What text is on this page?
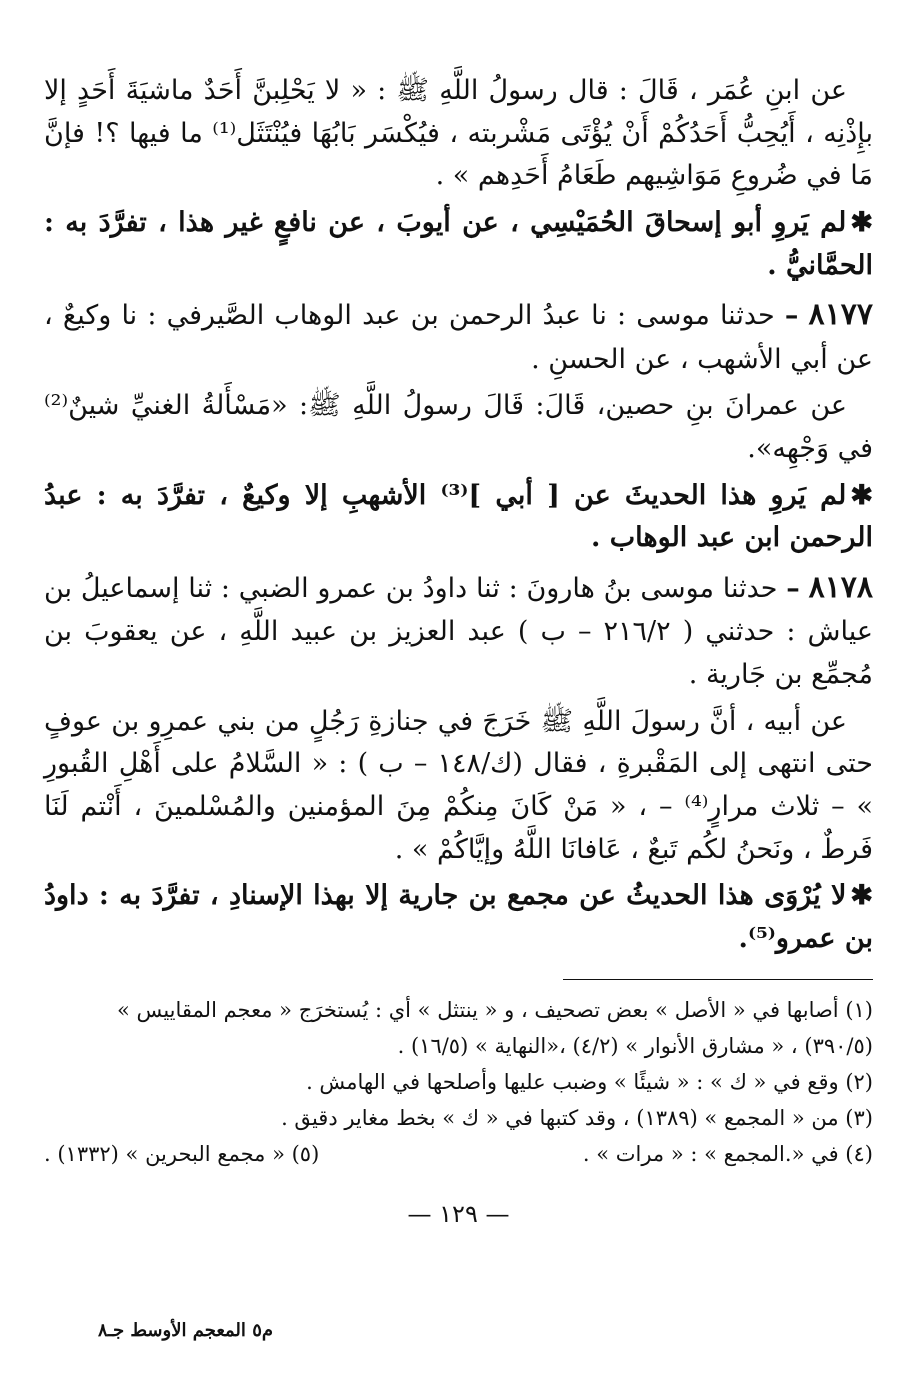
عن ابنِ عُمَر ، قَالَ : قال رسولُ اللَّهِ ﷺ : « لا يَحْلِبنَّ أَحَدٌ ماشيَةَ أَحَدٍ إلا بإِذْنِه ، أَيُحِبُّ أَحَدُكُمْ أَنْ يُؤْتَى مَشْربته ، فيُكْسَر بَابُهَا فيُنْتَثَل⁽¹⁾ ما فيها ؟! فإنَّ مَا في ضُروعِ مَوَاشِيهم طَعَامُ أَحَدِهم » .

✱لم يَروِ أبو إسحاقَ الحُمَيْسِي ، عن أيوبَ ، عن نافعٍ غير هذا ، تفرَّدَ به : الحمَّانيُّ .

٨١٧٧ – حدثنا موسى : نا عبدُ الرحمن بن عبد الوهاب الصَّيرفي : نا وكيعٌ ، عن أبي الأشهب ، عن الحسنِ .

عن عمرانَ بنِ حصين، قَالَ: قَالَ رسولُ اللَّهِ ﷺ: «مَسْأَلةُ الغنيِّ شينٌ⁽²⁾ في وَجْهِه».

✱لم يَروِ هذا الحديثَ عن [ أبي ]⁽³⁾ الأشهبِ إلا وكيعٌ ، تفرَّدَ به : عبدُ الرحمن ابن عبد الوهاب .

٨١٧٨ – حدثنا موسى بنُ هارونَ : ثنا داودُ بن عمرو الضبي : ثنا إسماعيلُ بن عياش : حدثني ( ٢١٦/٢ – ب ) عبد العزيز بن عبيد اللَّهِ ، عن يعقوبَ بن مُجمِّع بن جَارية .

عن أبيه ، أنَّ رسولَ اللَّهِ ﷺ خَرَجَ في جنازةِ رَجُلٍ من بني عمرِو بن عوفٍ حتى انتهى إلى المَقْبرةِ ، فقال (ك/١٤٨ – ب ) : « السَّلامُ على أَهْلِ القُبورِ » – ثلاث مرارٍ⁽⁴⁾ – ، « مَنْ كَانَ مِنكُمْ مِنَ المؤمنين والمُسْلمينَ ، أَنْتم لَنَا فَرطٌ ، ونَحنُ لكُم تَبعٌ ، عَافانَا اللَّهُ وإيَّاكُمْ » .

✱لا يُرْوَى هذا الحديثُ عن مجمع بن جارية إلا بهذا الإسنادِ ، تفرَّدَ به : داودُ بن عمرو⁽⁵⁾.

(١) أصابها في « الأصل » بعض تصحيف ، و « ينتثل » أي : يُستخرَج « معجم المقاييس » (٣٩٠/٥) ، « مشارق الأنوار » (٤/٢) ،«النهاية » (١٦/٥) .

(٢) وقع في « ك » : « شيئًا » وضبب عليها وأصلحها في الهامش .

(٣) من « المجمع » (١٣٨٩) ، وقد كتبها في « ك » بخط مغاير دقيق .

(٤) في «.المجمع » : « مرات » .
(٥) « مجمع البحرين » (١٣٣٢) .
— ١٢٩ —
م٥ المعجم الأوسط جـ٨
